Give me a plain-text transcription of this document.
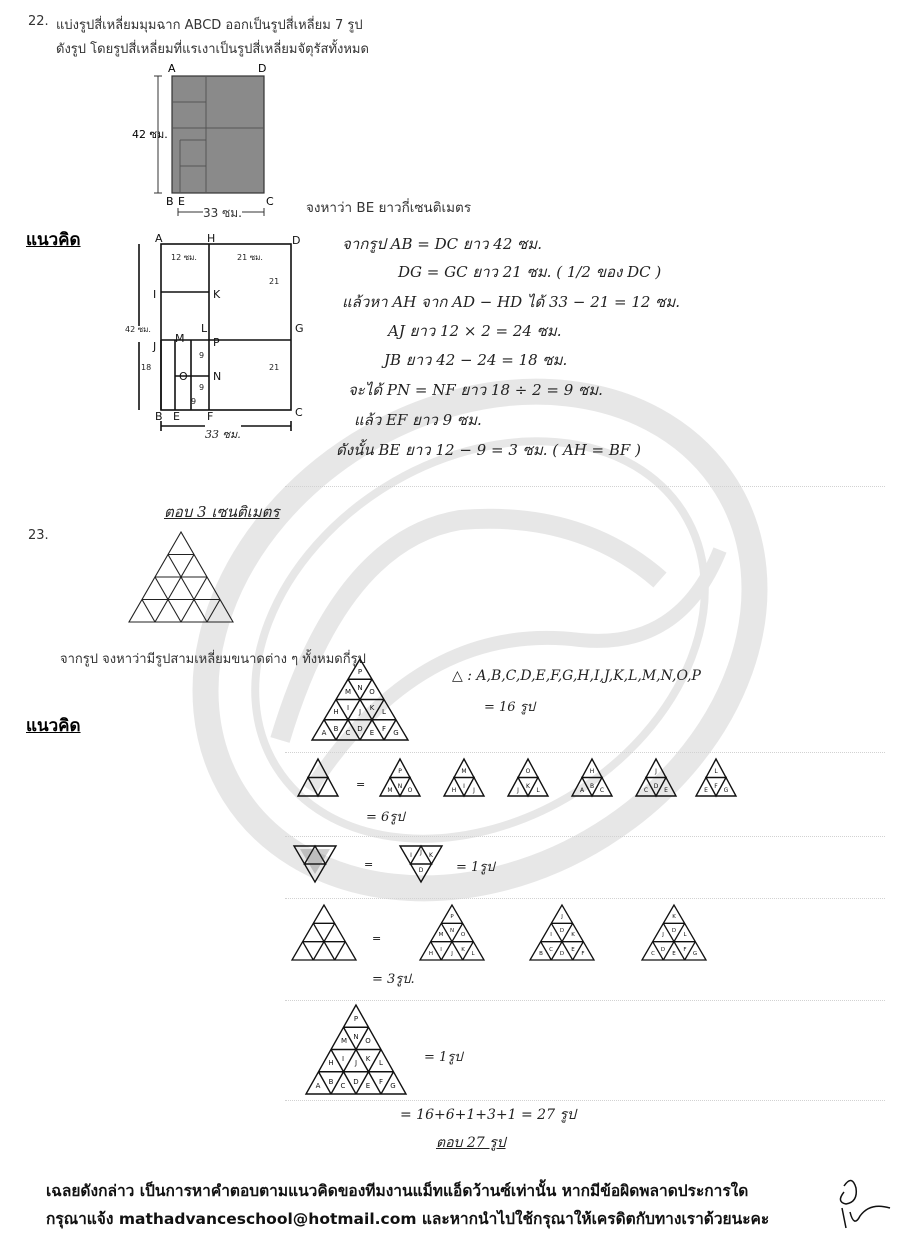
22. แบ่งรูปสี่เหลี่ยมมุมฉาก ABCD ออกเป็นรูปสี่เหลี่ยม 7 รูป
ดังรูป โดยรูปสี่เหลี่ยมที่แรเงาเป็นรูปสี่เหลี่ยมจัตุรัสทั้งหมด
A	D
B E	C
42 ซม.
33 ซม.	จงหาว่า BE ยาวกี่เซนติเมตร
แนวคิด	A	H	D
I	K
L	G
J
M	P
O N
B E F	C
12 ซม.	21 ซม.
21
21
9
9
9
42 ซม.
18
33 ซม.
จากรูป AB = DC ยาว 42 ซม.
DG = GC ยาว 21 ซม. ( 1/2 ของ DC )
แล้วหา AH จาก AD − HD ได้ 33 − 21 = 12 ซม.
AJ ยาว 12 × 2 = 24 ซม.
JB ยาว 42 − 24 = 18 ซม.
จะได้ PN = NF ยาว 18 ÷ 2 = 9 ซม.
แล้ว EF ยาว 9 ซม.
ดังนั้น BE ยาว 12 − 9 = 3 ซม. ( AH = BF )
ตอบ 3 เซนติเมตร
23.
จากรูป จงหาว่ามีรูปสามเหลี่ยมขนาดต่าง ๆ ทั้งหมดกี่รูป
แนวคิด
P
M N O
H I J K L
A B C D E F G
△ : A,B,C,D,E,F,G,H,I,J,K,L,M,N,O,P
= 16 รูป
=
P
M
N
O
M
H
I
J
O
J
K
L
H
A
B
C
J
C
D
E
L
E
F
G
= 6รูป
=
I J K
D	= 1รูป
=
P
M
N
O
H
I
J
K
L
J
I
D
K
B
C
D
E
F
K
J
D
L
C
D
E
F
G
= 3รูป.
P
M N O
H I J K L
A B C D E F G
= 1รูป
= 16+6+1+3+1 = 27 รูป
ตอบ 27 รูป
เฉลยดังกล่าว เป็นการหาคำตอบตามแนวคิดของทีมงานแม็ทแอ็ดว้านซ์เท่านั้น หากมีข้อผิดพลาดประการใด
กรุณาแจ้ง mathadvanceschool@hotmail.com และหากนำไปใช้กรุณาให้เครดิตกับทางเราด้วยนะคะ
